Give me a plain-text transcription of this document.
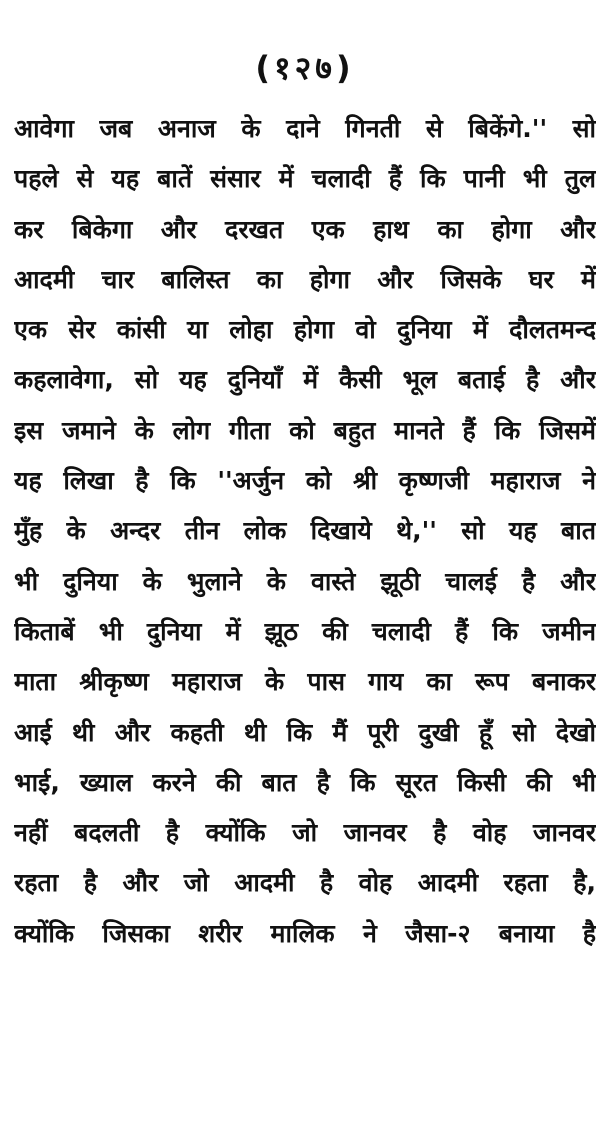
(१२७)
आवेगा जब अनाज के दाने गिनती से बिकेंगे.'' सो
पहले से यह बातें संसार में चलादी हैं कि पानी भी तुल
कर बिकेगा और दरखत एक हाथ का होगा और
आदमी चार बालिस्त का होगा और जिसके घर में
एक सेर कांसी या लोहा होगा वो दुनिया में दौलतमन्द
कहलावेगा, सो यह दुनियाँ में कैसी भूल बताई है और
इस जमाने के लोग गीता को बहुत मानते हैं कि जिसमें
यह लिखा है कि ''अर्जुन को श्री कृष्णजी महाराज ने
मुँह के अन्दर तीन लोक दिखाये थे,'' सो यह बात
भी दुनिया के भुलाने के वास्ते झूठी चालई है और
किताबें भी दुनिया में झूठ की चलादी हैं कि जमीन
माता श्रीकृष्ण महाराज के पास गाय का रूप बनाकर
आई थी और कहती थी कि मैं पूरी दुखी हूँ सो देखो
भाई, ख्याल करने की बात है कि सूरत किसी की भी
नहीं बदलती है क्योंकि जो जानवर है वोह जानवर
रहता है और जो आदमी है वोह आदमी रहता है,
क्योंकि जिसका शरीर मालिक ने जैसा-२ बनाया है
